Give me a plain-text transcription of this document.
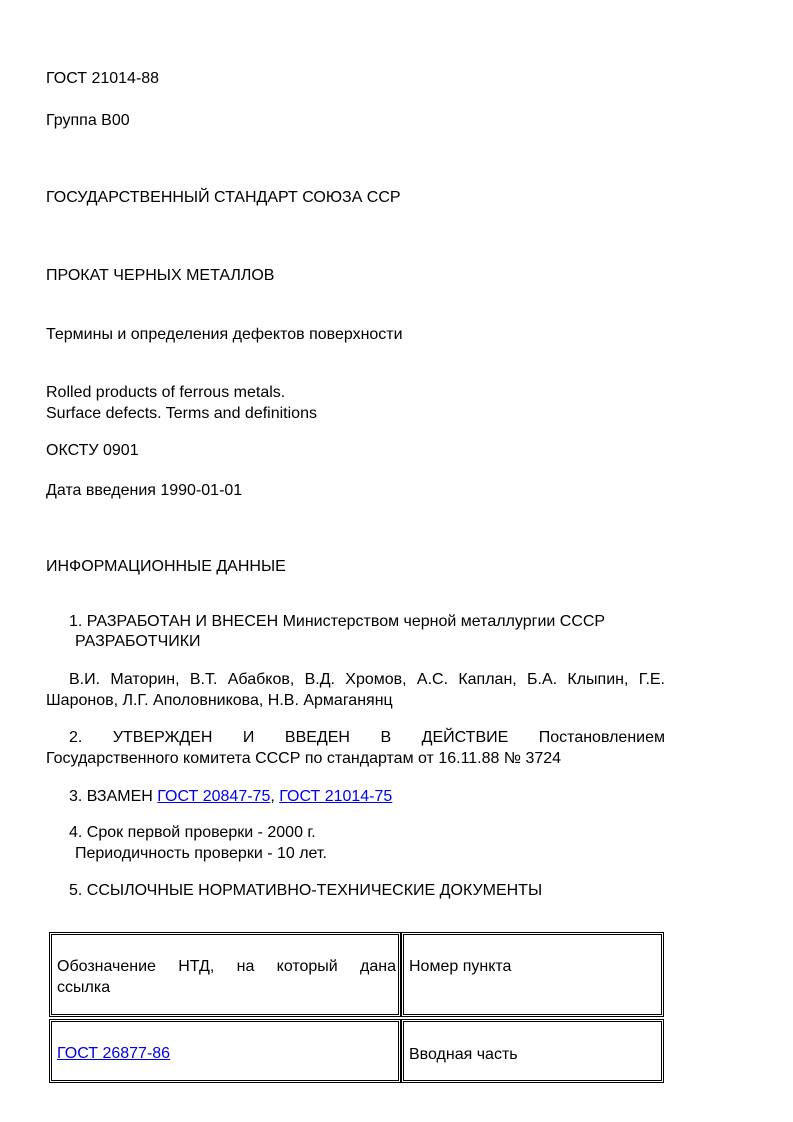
ГОСТ 21014-88
Группа В00
ГОСУДАРСТВЕННЫЙ СТАНДАРТ СОЮЗА ССР
ПРОКАТ ЧЕРНЫХ МЕТАЛЛОВ
Термины и определения дефектов поверхности
Rolled products of ferrous metals.
Surface defects. Terms and definitions
ОКСТУ 0901
Дата введения 1990-01-01
ИНФОРМАЦИОННЫЕ ДАННЫЕ
1. РАЗРАБОТАН И ВНЕСЕН Министерством черной металлургии СССР
РАЗРАБОТЧИКИ
В.И. Маторин, В.Т. Абабков, В.Д. Хромов, А.С. Каплан, Б.А. Клыпин, Г.Е.
Шаронов, Л.Г. Аполовникова, Н.В. Армаганянц
2. УТВЕРЖДЕН И ВВЕДЕН В ДЕЙСТВИЕ Постановлением
Государственного комитета СССР по стандартам от 16.11.88 № 3724
3. ВЗАМЕН ГОСТ 20847-75, ГОСТ 21014-75
4. Срок первой проверки - 2000 г.
Периодичность проверки - 10 лет.
5. ССЫЛОЧНЫЕ НОРМАТИВНО-ТЕХНИЧЕСКИЕ ДОКУМЕНТЫ
Обозначение НТД, на который дана
ссылка
Номер пункта
ГОСТ 26877-86	Вводная часть
